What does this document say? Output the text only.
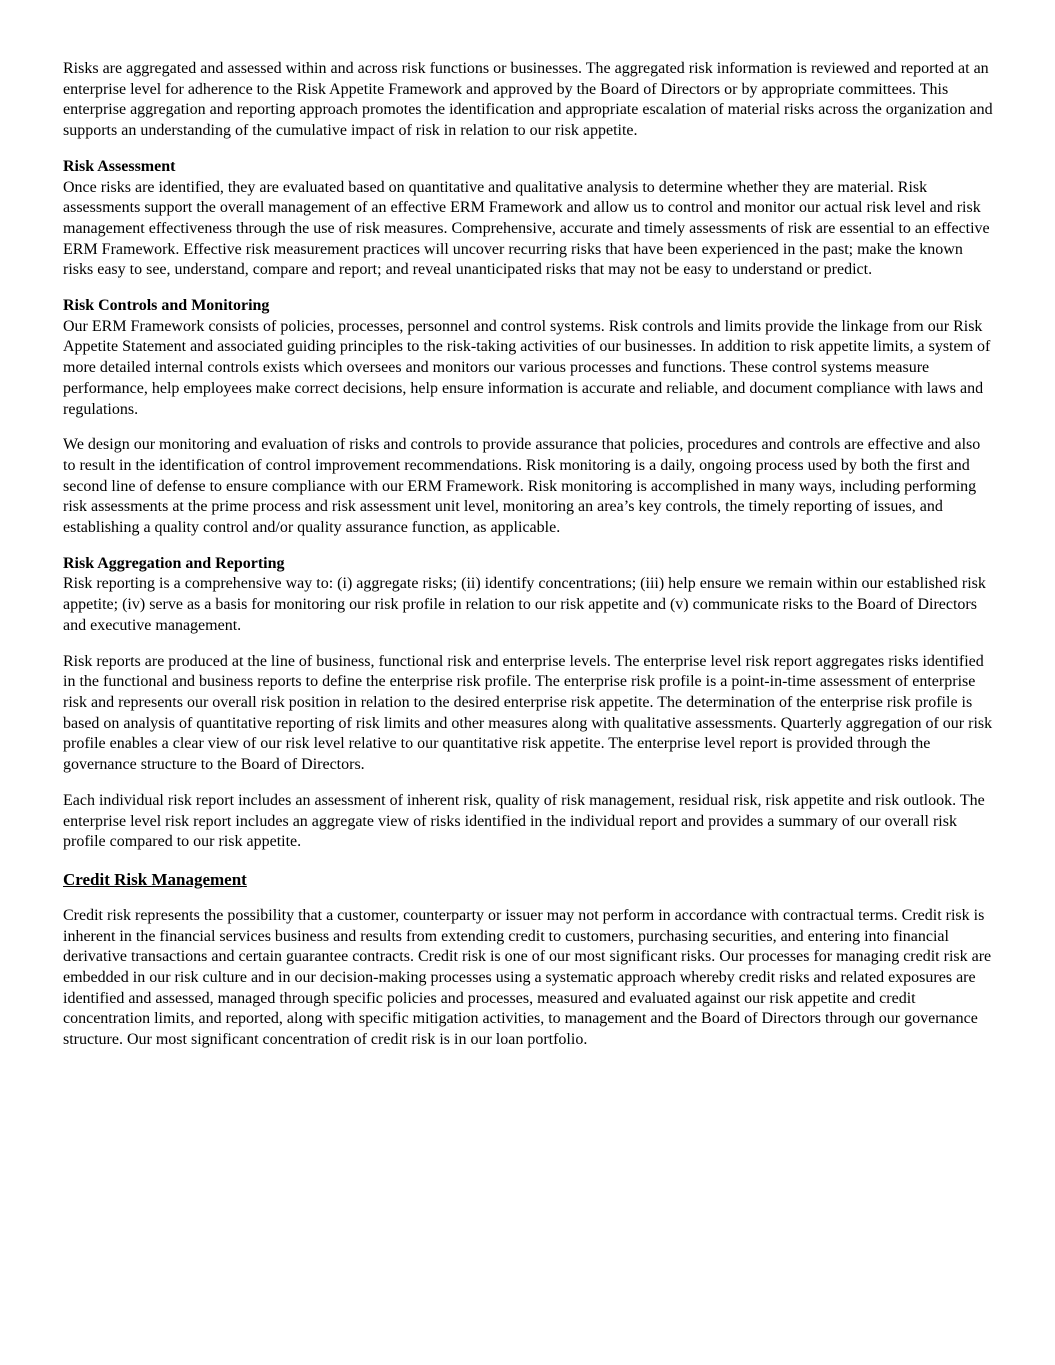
Risks are aggregated and assessed within and across risk functions or businesses. The aggregated risk information is reviewed and reported at an enterprise level for adherence to the Risk Appetite Framework and approved by the Board of Directors or by appropriate committees. This enterprise aggregation and reporting approach promotes the identification and appropriate escalation of material risks across the organization and supports an understanding of the cumulative impact of risk in relation to our risk appetite.

Risk Assessment
Once risks are identified, they are evaluated based on quantitative and qualitative analysis to determine whether they are material. Risk assessments support the overall management of an effective ERM Framework and allow us to control and monitor our actual risk level and risk management effectiveness through the use of risk measures. Comprehensive, accurate and timely assessments of risk are essential to an effective ERM Framework. Effective risk measurement practices will uncover recurring risks that have been experienced in the past; make the known risks easy to see, understand, compare and report; and reveal unanticipated risks that may not be easy to understand or predict.

Risk Controls and Monitoring
Our ERM Framework consists of policies, processes, personnel and control systems. Risk controls and limits provide the linkage from our Risk Appetite Statement and associated guiding principles to the risk-taking activities of our businesses. In addition to risk appetite limits, a system of more detailed internal controls exists which oversees and monitors our various processes and functions. These control systems measure performance, help employees make correct decisions, help ensure information is accurate and reliable, and document compliance with laws and regulations.

We design our monitoring and evaluation of risks and controls to provide assurance that policies, procedures and controls are effective and also to result in the identification of control improvement recommendations. Risk monitoring is a daily, ongoing process used by both the first and second line of defense to ensure compliance with our ERM Framework. Risk monitoring is accomplished in many ways, including performing risk assessments at the prime process and risk assessment unit level, monitoring an area’s key controls, the timely reporting of issues, and establishing a quality control and/or quality assurance function, as applicable.

Risk Aggregation and Reporting
Risk reporting is a comprehensive way to: (i) aggregate risks; (ii) identify concentrations; (iii) help ensure we remain within our established risk appetite; (iv) serve as a basis for monitoring our risk profile in relation to our risk appetite and (v) communicate risks to the Board of Directors and executive management.

Risk reports are produced at the line of business, functional risk and enterprise levels. The enterprise level risk report aggregates risks identified in the functional and business reports to define the enterprise risk profile. The enterprise risk profile is a point-in-time assessment of enterprise risk and represents our overall risk position in relation to the desired enterprise risk appetite. The determination of the enterprise risk profile is based on analysis of quantitative reporting of risk limits and other measures along with qualitative assessments. Quarterly aggregation of our risk profile enables a clear view of our risk level relative to our quantitative risk appetite. The enterprise level report is provided through the governance structure to the Board of Directors.

Each individual risk report includes an assessment of inherent risk, quality of risk management, residual risk, risk appetite and risk outlook. The enterprise level risk report includes an aggregate view of risks identified in the individual report and provides a summary of our overall risk profile compared to our risk appetite.

Credit Risk Management

Credit risk represents the possibility that a customer, counterparty or issuer may not perform in accordance with contractual terms. Credit risk is inherent in the financial services business and results from extending credit to customers, purchasing securities, and entering into financial derivative transactions and certain guarantee contracts. Credit risk is one of our most significant risks. Our processes for managing credit risk are embedded in our risk culture and in our decision-making processes using a systematic approach whereby credit risks and related exposures are identified and assessed, managed through specific policies and processes, measured and evaluated against our risk appetite and credit concentration limits, and reported, along with specific mitigation activities, to management and the Board of Directors through our governance structure. Our most significant concentration of credit risk is in our loan portfolio.
